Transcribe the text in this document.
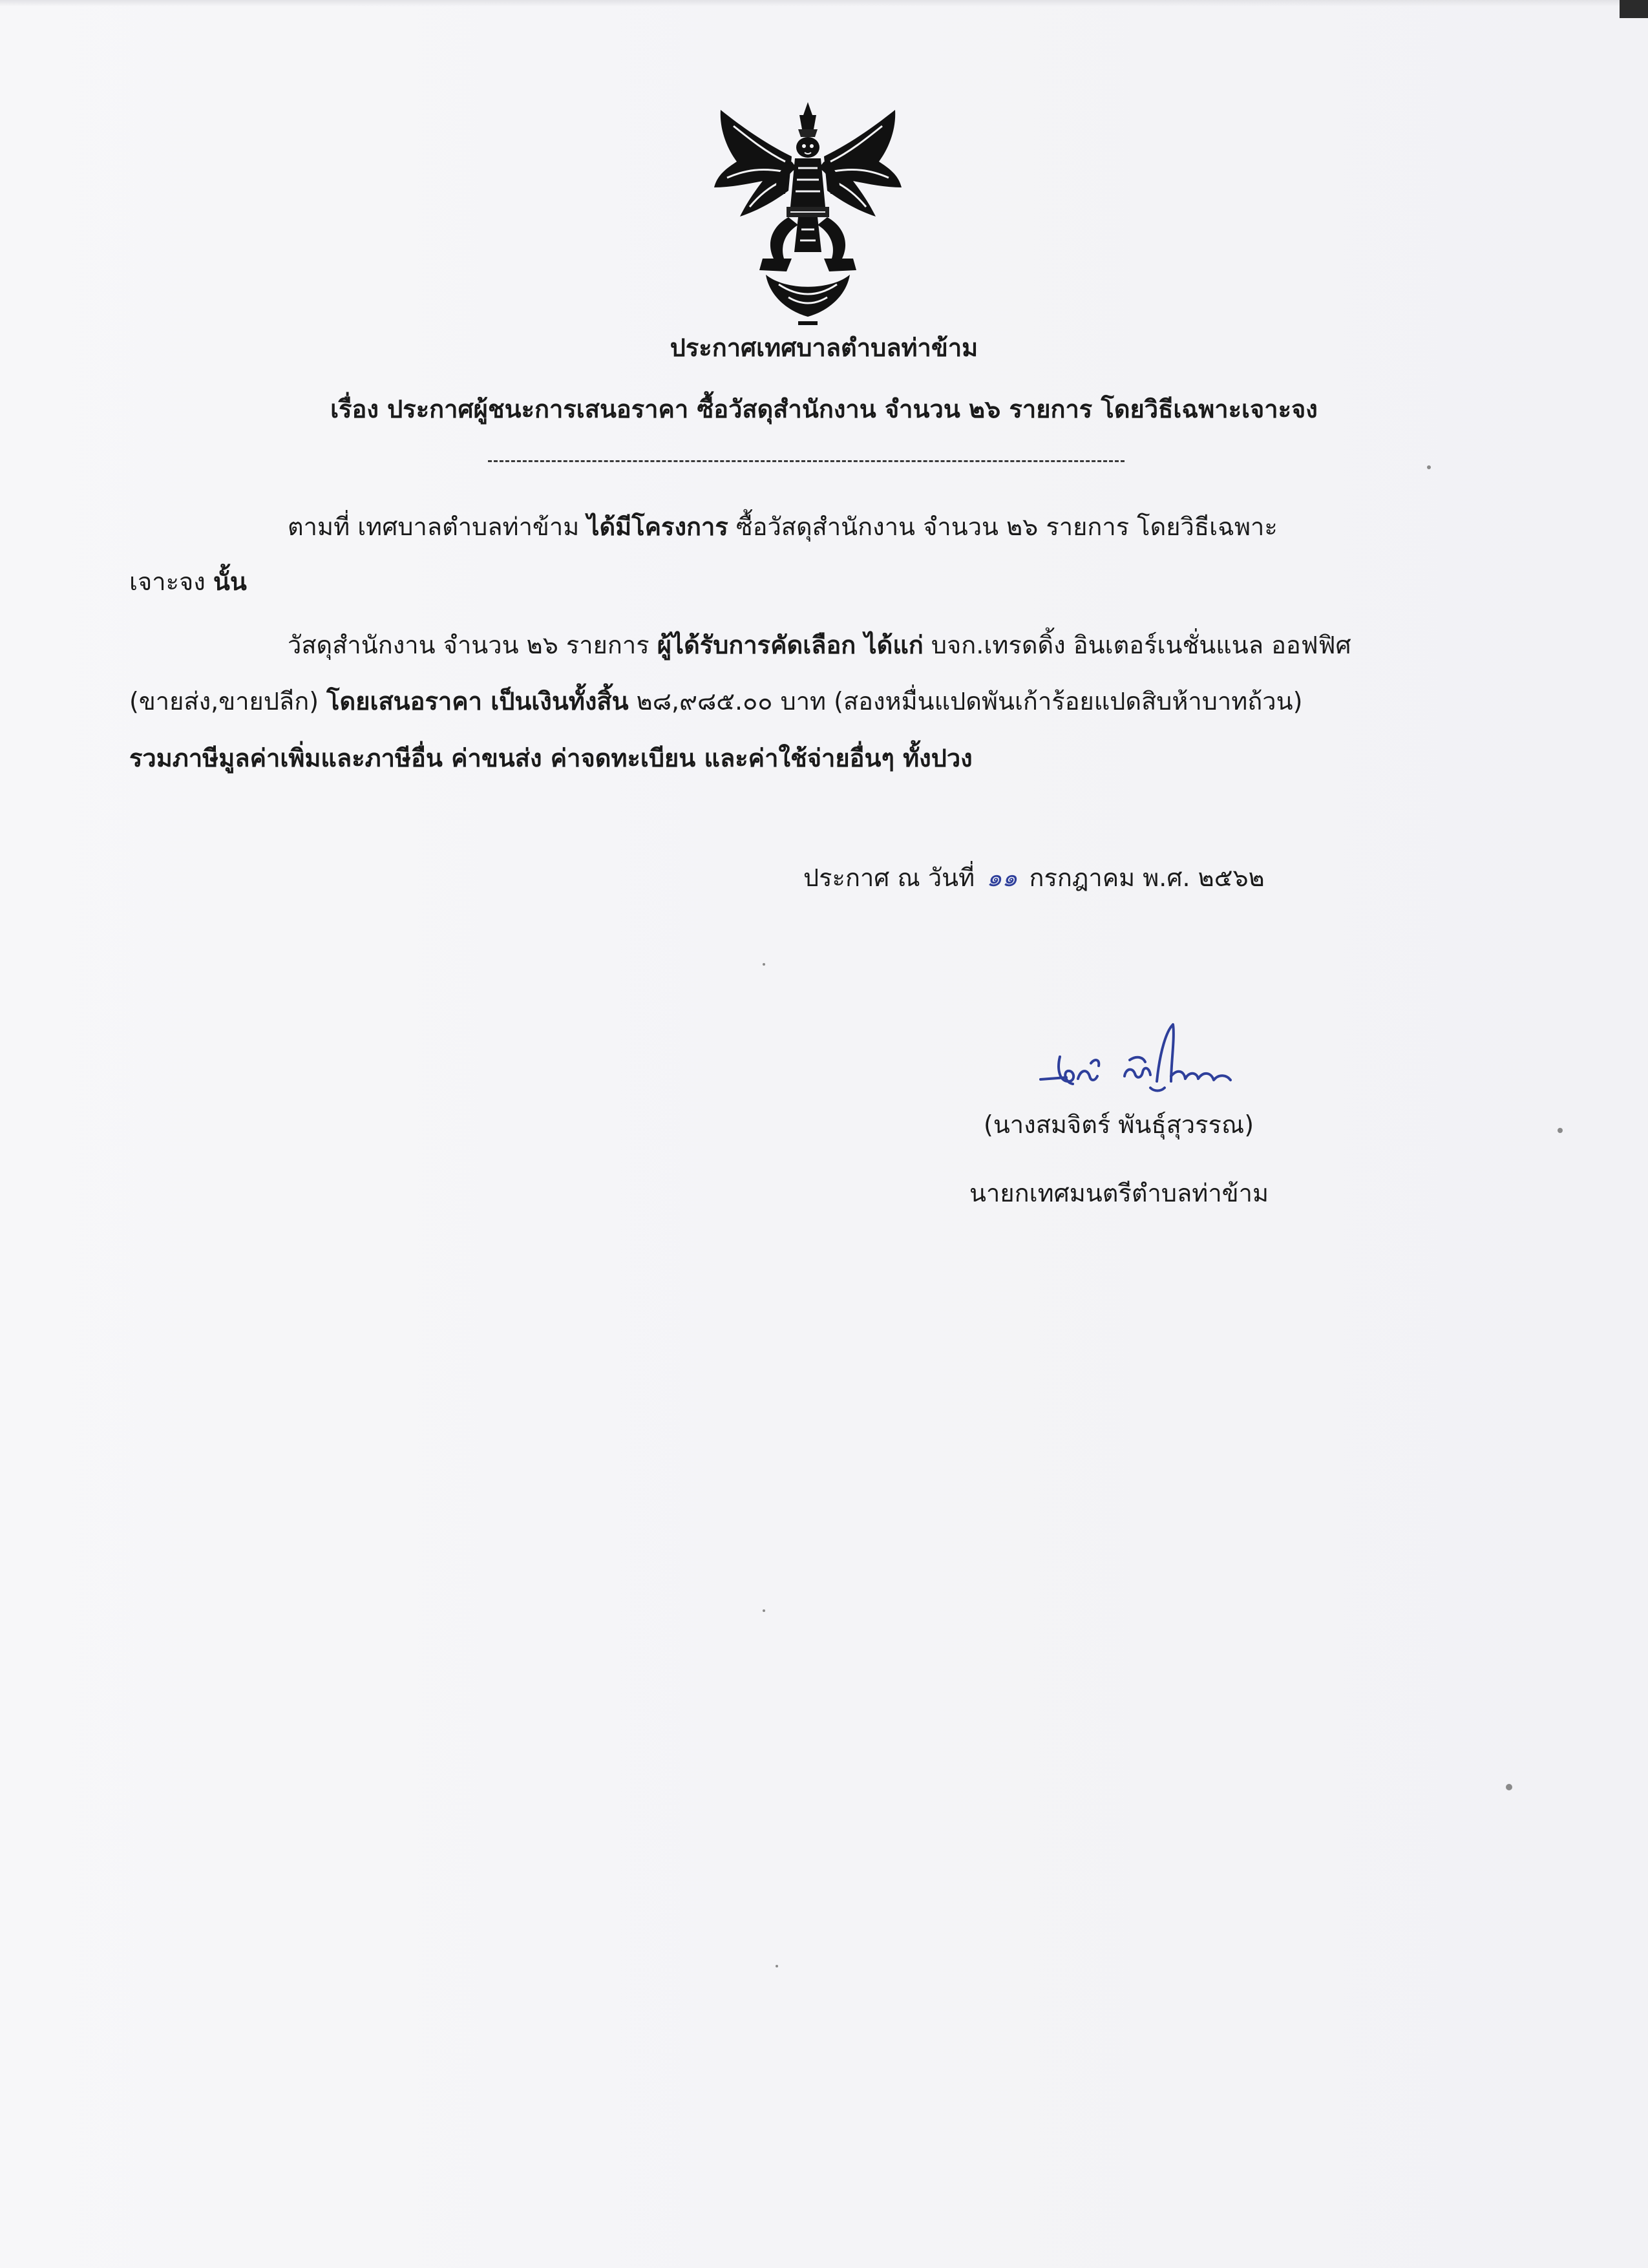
ประกาศเทศบาลตำบลท่าข้าม
เรื่อง ประกาศผู้ชนะการเสนอราคา ซื้อวัสดุสำนักงาน จำนวน ๒๖ รายการ โดยวิธีเฉพาะเจาะจง
ตามที่ เทศบาลตำบลท่าข้าม ได้มีโครงการ ซื้อวัสดุสำนักงาน จำนวน ๒๖ รายการ โดยวิธีเฉพาะ
เจาะจง นั้น
วัสดุสำนักงาน จำนวน ๒๖ รายการ ผู้ได้รับการคัดเลือก ได้แก่ บจก.เทรดดิ้ง อินเตอร์เนชั่นแนล ออฟฟิศ
(ขายส่ง,ขายปลีก) โดยเสนอราคา เป็นเงินทั้งสิ้น ๒๘,๙๘๕.๐๐ บาท (สองหมื่นแปดพันเก้าร้อยแปดสิบห้าบาทถ้วน)
รวมภาษีมูลค่าเพิ่มและภาษีอื่น ค่าขนส่ง ค่าจดทะเบียน และค่าใช้จ่ายอื่นๆ ทั้งปวง
ประกาศ ณ วันที่ ๑๑ กรกฎาคม พ.ศ. ๒๕๖๒
(นางสมจิตร์ พันธุ์สุวรรณ)
นายกเทศมนตรีตำบลท่าข้าม
